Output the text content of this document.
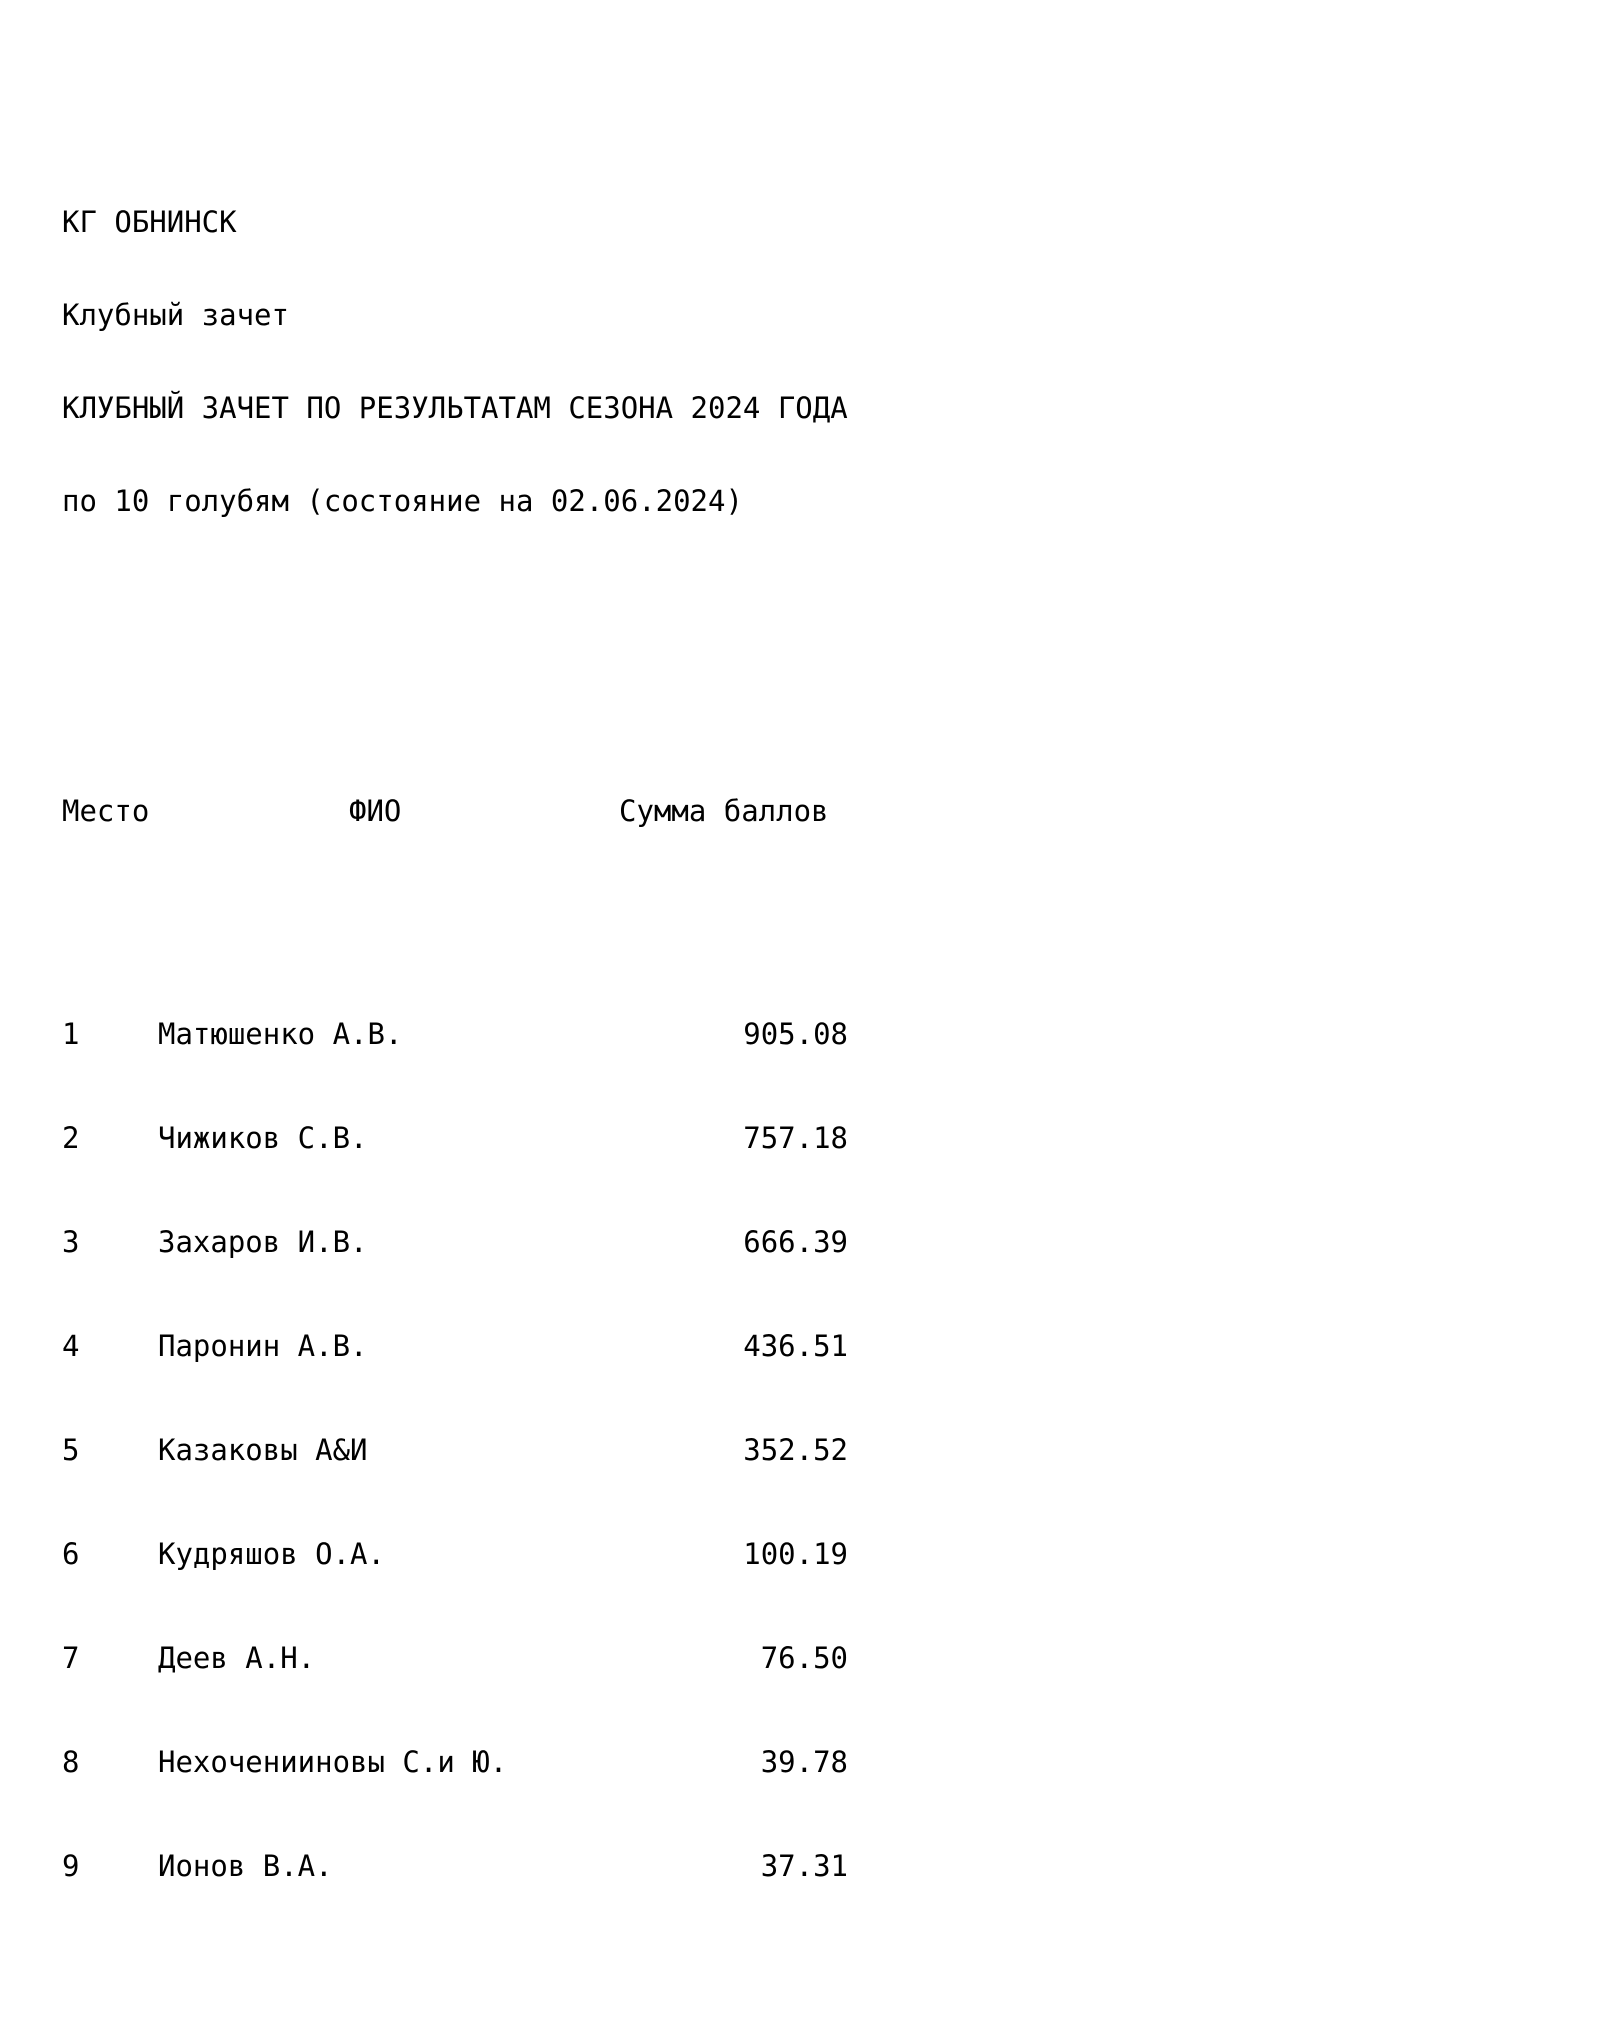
КГ ОБНИНСК

Клубный зачет

КЛУБНЫЙ ЗАЧЕТ ПО РЕЗУЛЬТАТАМ СЕЗОНА 2024 ГОДА

по 10 голубям (состояние на 02.06.2024)

Место	ФИО	Сумма баллов

1	Матюшенко А.В.	905.08

2	Чижиков С.В.	757.18

3	Захаров И.В.	666.39

4	Паронин А.В.	436.51

5	Казаковы А&И	352.52

6	Кудряшов О.А.	100.19

7	Деев А.Н.	76.50

8	Нехоченииновы С.и Ю.	39.78

9	Ионов В.А.	37.31
